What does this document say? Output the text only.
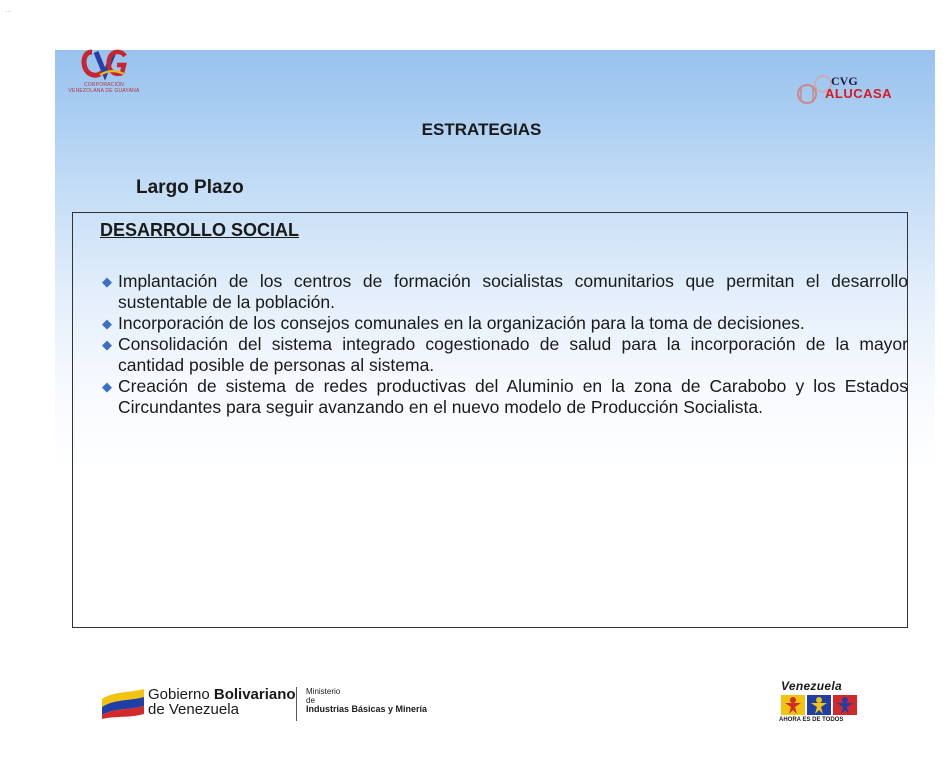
‥
CORPORACIÓN
VENEZOLANA DE GUAYANA
CVG
ALUCASA
ESTRATEGIAS
Largo Plazo
DESARROLLO SOCIAL
◆ Implantación de los centros de formación socialistas comunitarios que permitan el desarrollo sustentable de la población.
◆ Incorporación de los consejos comunales en la organización para la toma de decisiones.
◆ Consolidación del sistema integrado cogestionado de salud para la incorporación de la mayor cantidad posible de personas al sistema.
◆ Creación de sistema de redes productivas del Aluminio en la zona de Carabobo y los Estados Circundantes para seguir avanzando en el nuevo modelo de Producción Socialista.
Gobierno Bolivariano
de Venezuela
Ministerio
de
Industrias Básicas y Minería
Venezuela
AHORA ES DE TODOS
